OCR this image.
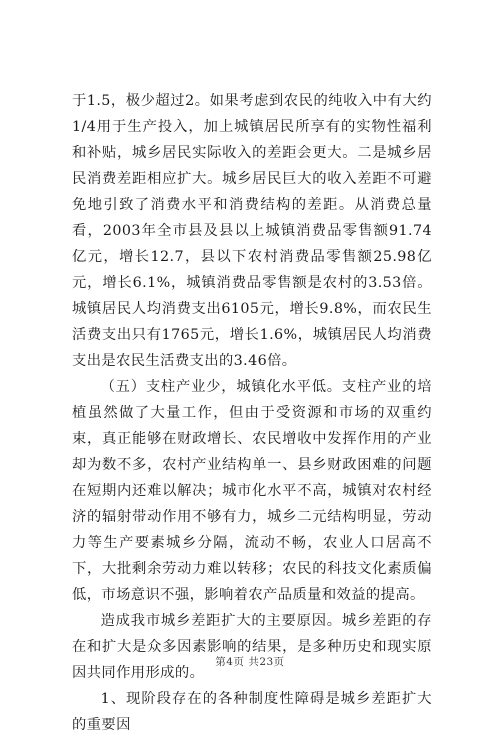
于1.5，极少超过2。如果考虑到农民的纯收入中有大约1/4用于生产投入，加上城镇居民所享有的实物性福利和补贴，城乡居民实际收入的差距会更大。二是城乡居民消费差距相应扩大。城乡居民巨大的收入差距不可避免地引致了消费水平和消费结构的差距。从消费总量看，2003年全市县及县以上城镇消费品零售额91.74亿元，增长12.7，县以下农村消费品零售额25.98亿元，增长6.1%，城镇消费品零售额是农村的3.53倍。城镇居民人均消费支出6105元，增长9.8%，而农民生活费支出只有1765元，增长1.6%，城镇居民人均消费支出是农民生活费支出的3.46倍。

（五）支柱产业少，城镇化水平低。支柱产业的培植虽然做了大量工作，但由于受资源和市场的双重约束，真正能够在财政增长、农民增收中发挥作用的产业却为数不多，农村产业结构单一、县乡财政困难的问题在短期内还难以解决；城市化水平不高，城镇对农村经济的辐射带动作用不够有力，城乡二元结构明显，劳动力等生产要素城乡分隔，流动不畅，农业人口居高不下，大批剩余劳动力难以转移；农民的科技文化素质偏低，市场意识不强，影响着农产品质量和效益的提高。

造成我市城乡差距扩大的主要原因。城乡差距的存在和扩大是众多因素影响的结果，是多种历史和现实原因共同作用形成的。

1、现阶段存在的各种制度性障碍是城乡差距扩大的重要因

第4页 共23页
